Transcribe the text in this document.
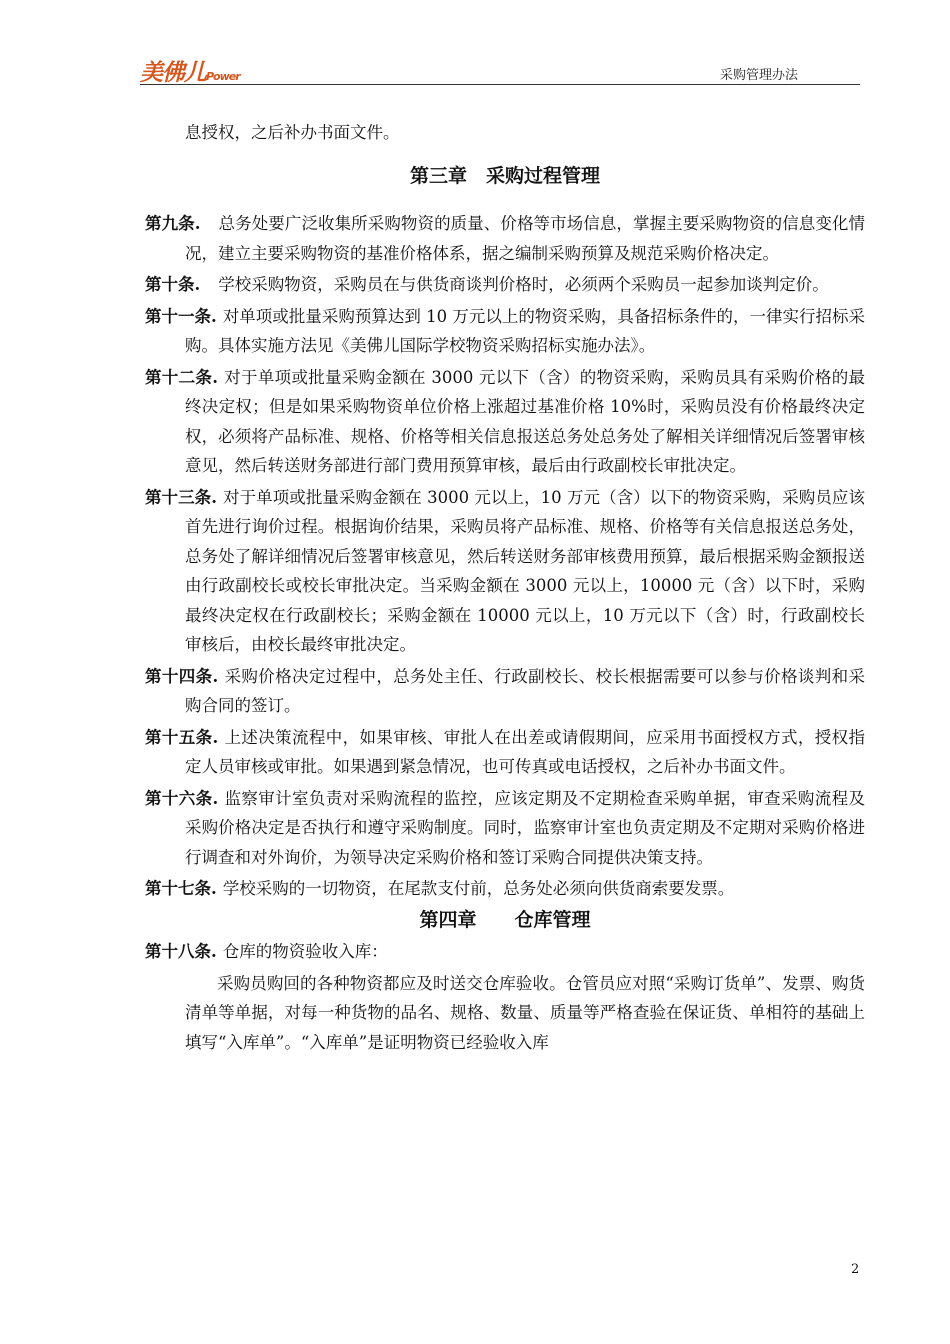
美佛儿Power	采购管理办法

息授权，之后补办书面文件。

第三章　采购过程管理

第九条. 总务处要广泛收集所采购物资的质量、价格等市场信息，掌握主要采购物资的信息变化情况，建立主要采购物资的基准价格体系，据之编制采购预算及规范采购价格决定。

第十条. 学校采购物资，采购员在与供货商谈判价格时，必须两个采购员一起参加谈判定价。

第十一条. 对单项或批量采购预算达到 10 万元以上的物资采购，具备招标条件的，一律实行招标采购。具体实施方法见《美佛儿国际学校物资采购招标实施办法》。

第十二条. 对于单项或批量采购金额在 3000 元以下（含）的物资采购，采购员具有采购价格的最终决定权；但是如果采购物资单位价格上涨超过基准价格 10%时，采购员没有价格最终决定权，必须将产品标准、规格、价格等相关信息报送总务处总务处了解相关详细情况后签署审核意见，然后转送财务部进行部门费用预算审核，最后由行政副校长审批决定。

第十三条. 对于单项或批量采购金额在 3000 元以上，10 万元（含）以下的物资采购，采购员应该首先进行询价过程。根据询价结果，采购员将产品标准、规格、价格等有关信息报送总务处，总务处了解详细情况后签署审核意见，然后转送财务部审核费用预算，最后根据采购金额报送由行政副校长或校长审批决定。当采购金额在 3000 元以上，10000 元（含）以下时，采购最终决定权在行政副校长；采购金额在 10000 元以上，10 万元以下（含）时，行政副校长审核后，由校长最终审批决定。

第十四条. 采购价格决定过程中，总务处主任、行政副校长、校长根据需要可以参与价格谈判和采购合同的签订。

第十五条. 上述决策流程中，如果审核、审批人在出差或请假期间，应采用书面授权方式，授权指定人员审核或审批。如果遇到紧急情况，也可传真或电话授权，之后补办书面文件。

第十六条. 监察审计室负责对采购流程的监控，应该定期及不定期检查采购单据，审查采购流程及采购价格决定是否执行和遵守采购制度。同时，监察审计室也负责定期及不定期对采购价格进行调查和对外询价，为领导决定采购价格和签订采购合同提供决策支持。

第十七条. 学校采购的一切物资，在尾款支付前，总务处必须向供货商索要发票。

第四章　　仓库管理

第十八条. 仓库的物资验收入库：

采购员购回的各种物资都应及时送交仓库验收。仓管员应对照“采购订货单”、发票、购货清单等单据，对每一种货物的品名、规格、数量、质量等严格查验在保证货、单相符的基础上填写“入库单”。“入库单”是证明物资已经验收入库

2
